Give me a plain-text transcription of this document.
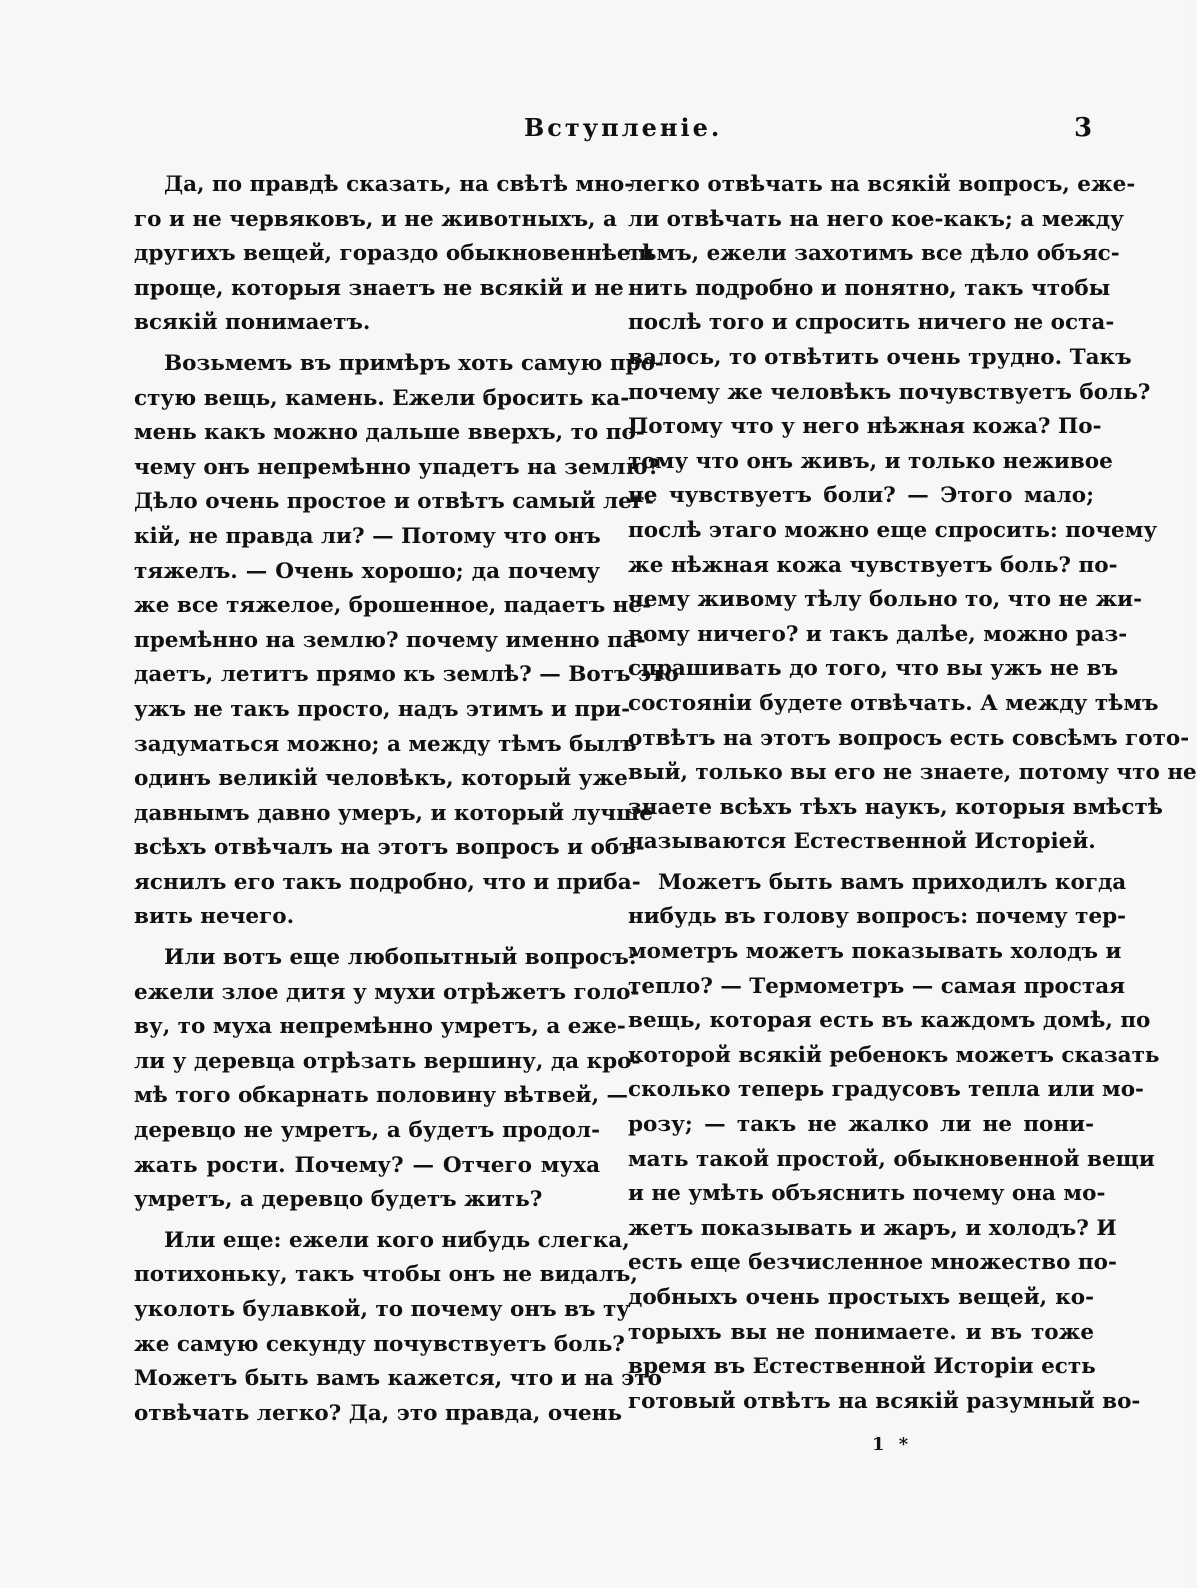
Вступленіе.	3
Да, по правдѣ сказать, на свѣтѣ мно-
го и не червяковъ, и не животныхъ, а
другихъ вещей, гораздо обыкновеннѣе и
проще, которыя знаетъ не всякій и не
всякій понимаетъ.
Возьмемъ въ примѣръ хоть самую про-
стую вещь, камень. Ежели бросить ка-
мень какъ можно дальше вверхъ, то по-
чему онъ непремѣнно упадетъ на землю?
Дѣло очень простое и отвѣтъ самый лег-
кій, не правда ли? — Потому что онъ
тяжелъ. — Очень хорошо; да почему
же все тяжелое, брошенное, падаетъ не-
премѣнно на землю? почему именно па-
даетъ, летитъ прямо къ землѣ? — Вотъ это
ужъ не такъ просто, надъ этимъ и при-
задуматься можно; а между тѣмъ былъ
одинъ великій человѣкъ, который уже
давнымъ давно умеръ, и который лучше
всѣхъ отвѣчалъ на этотъ вопросъ и объ-
яснилъ его такъ подробно, что и приба-
вить нечего.
Или вотъ еще любопытный вопросъ:
ежели злое дитя у мухи отрѣжетъ голо-
ву, то муха непремѣнно умретъ, а еже-
ли у деревца отрѣзать вершину, да кро-
мѣ того обкарнать половину вѣтвей, —
деревцо не умретъ, а будетъ продол-
жать рости. Почему? — Отчего муха
умретъ, а деревцо будетъ жить?
Или еще: ежели кого нибудь слегка,
потихоньку, такъ чтобы онъ не видалъ,
уколоть булавкой, то почему онъ въ ту
же самую секунду почувствуетъ боль?
Можетъ быть вамъ кажется, что и на это
отвѣчать легко? Да, это правда, очень
легко отвѣчать на всякій вопросъ, еже-
ли отвѣчать на него кое-какъ; а между
тѣмъ, ежели захотимъ все дѣло объяс-
нить подробно и понятно, такъ чтобы
послѣ того и спросить ничего не оста-
валось, то отвѣтить очень трудно. Такъ
почему же человѣкъ почувствуетъ боль?
Потому что у него нѣжная кожа? По-
тому что онъ живъ, и только неживое
не чувствуетъ боли? — Этого мало;
послѣ этаго можно еще спросить: почему
же нѣжная кожа чувствуетъ боль? по-
чему живому тѣлу больно то, что не жи-
вому ничего? и такъ далѣе, можно раз-
спрашивать до того, что вы ужъ не въ
состояніи будете отвѣчать. А между тѣмъ
отвѣтъ на этотъ вопросъ есть совсѣмъ гото-
вый, только вы его не знаете, потому что не
знаете всѣхъ тѣхъ наукъ, которыя вмѣстѣ
называются Естественной Исторіей.
Можетъ быть вамъ приходилъ когда
нибудь въ голову вопросъ: почему тер-
мометръ можетъ показывать холодъ и
тепло? — Термометръ — самая простая
вещь, которая есть въ каждомъ домѣ, по
которой всякій ребенокъ можетъ сказать
сколько теперь градусовъ тепла или мо-
розу; — такъ не жалко ли не пони-
мать такой простой, обыкновенной вещи
и не умѣть объяснить почему она мо-
жетъ показывать и жаръ, и холодъ? И
есть еще безчисленное множество по-
добныхъ очень простыхъ вещей, ко-
торыхъ вы не понимаете. и въ тоже
время въ Естественной Исторіи есть
готовый отвѣтъ на всякій разумный во-
1 *
